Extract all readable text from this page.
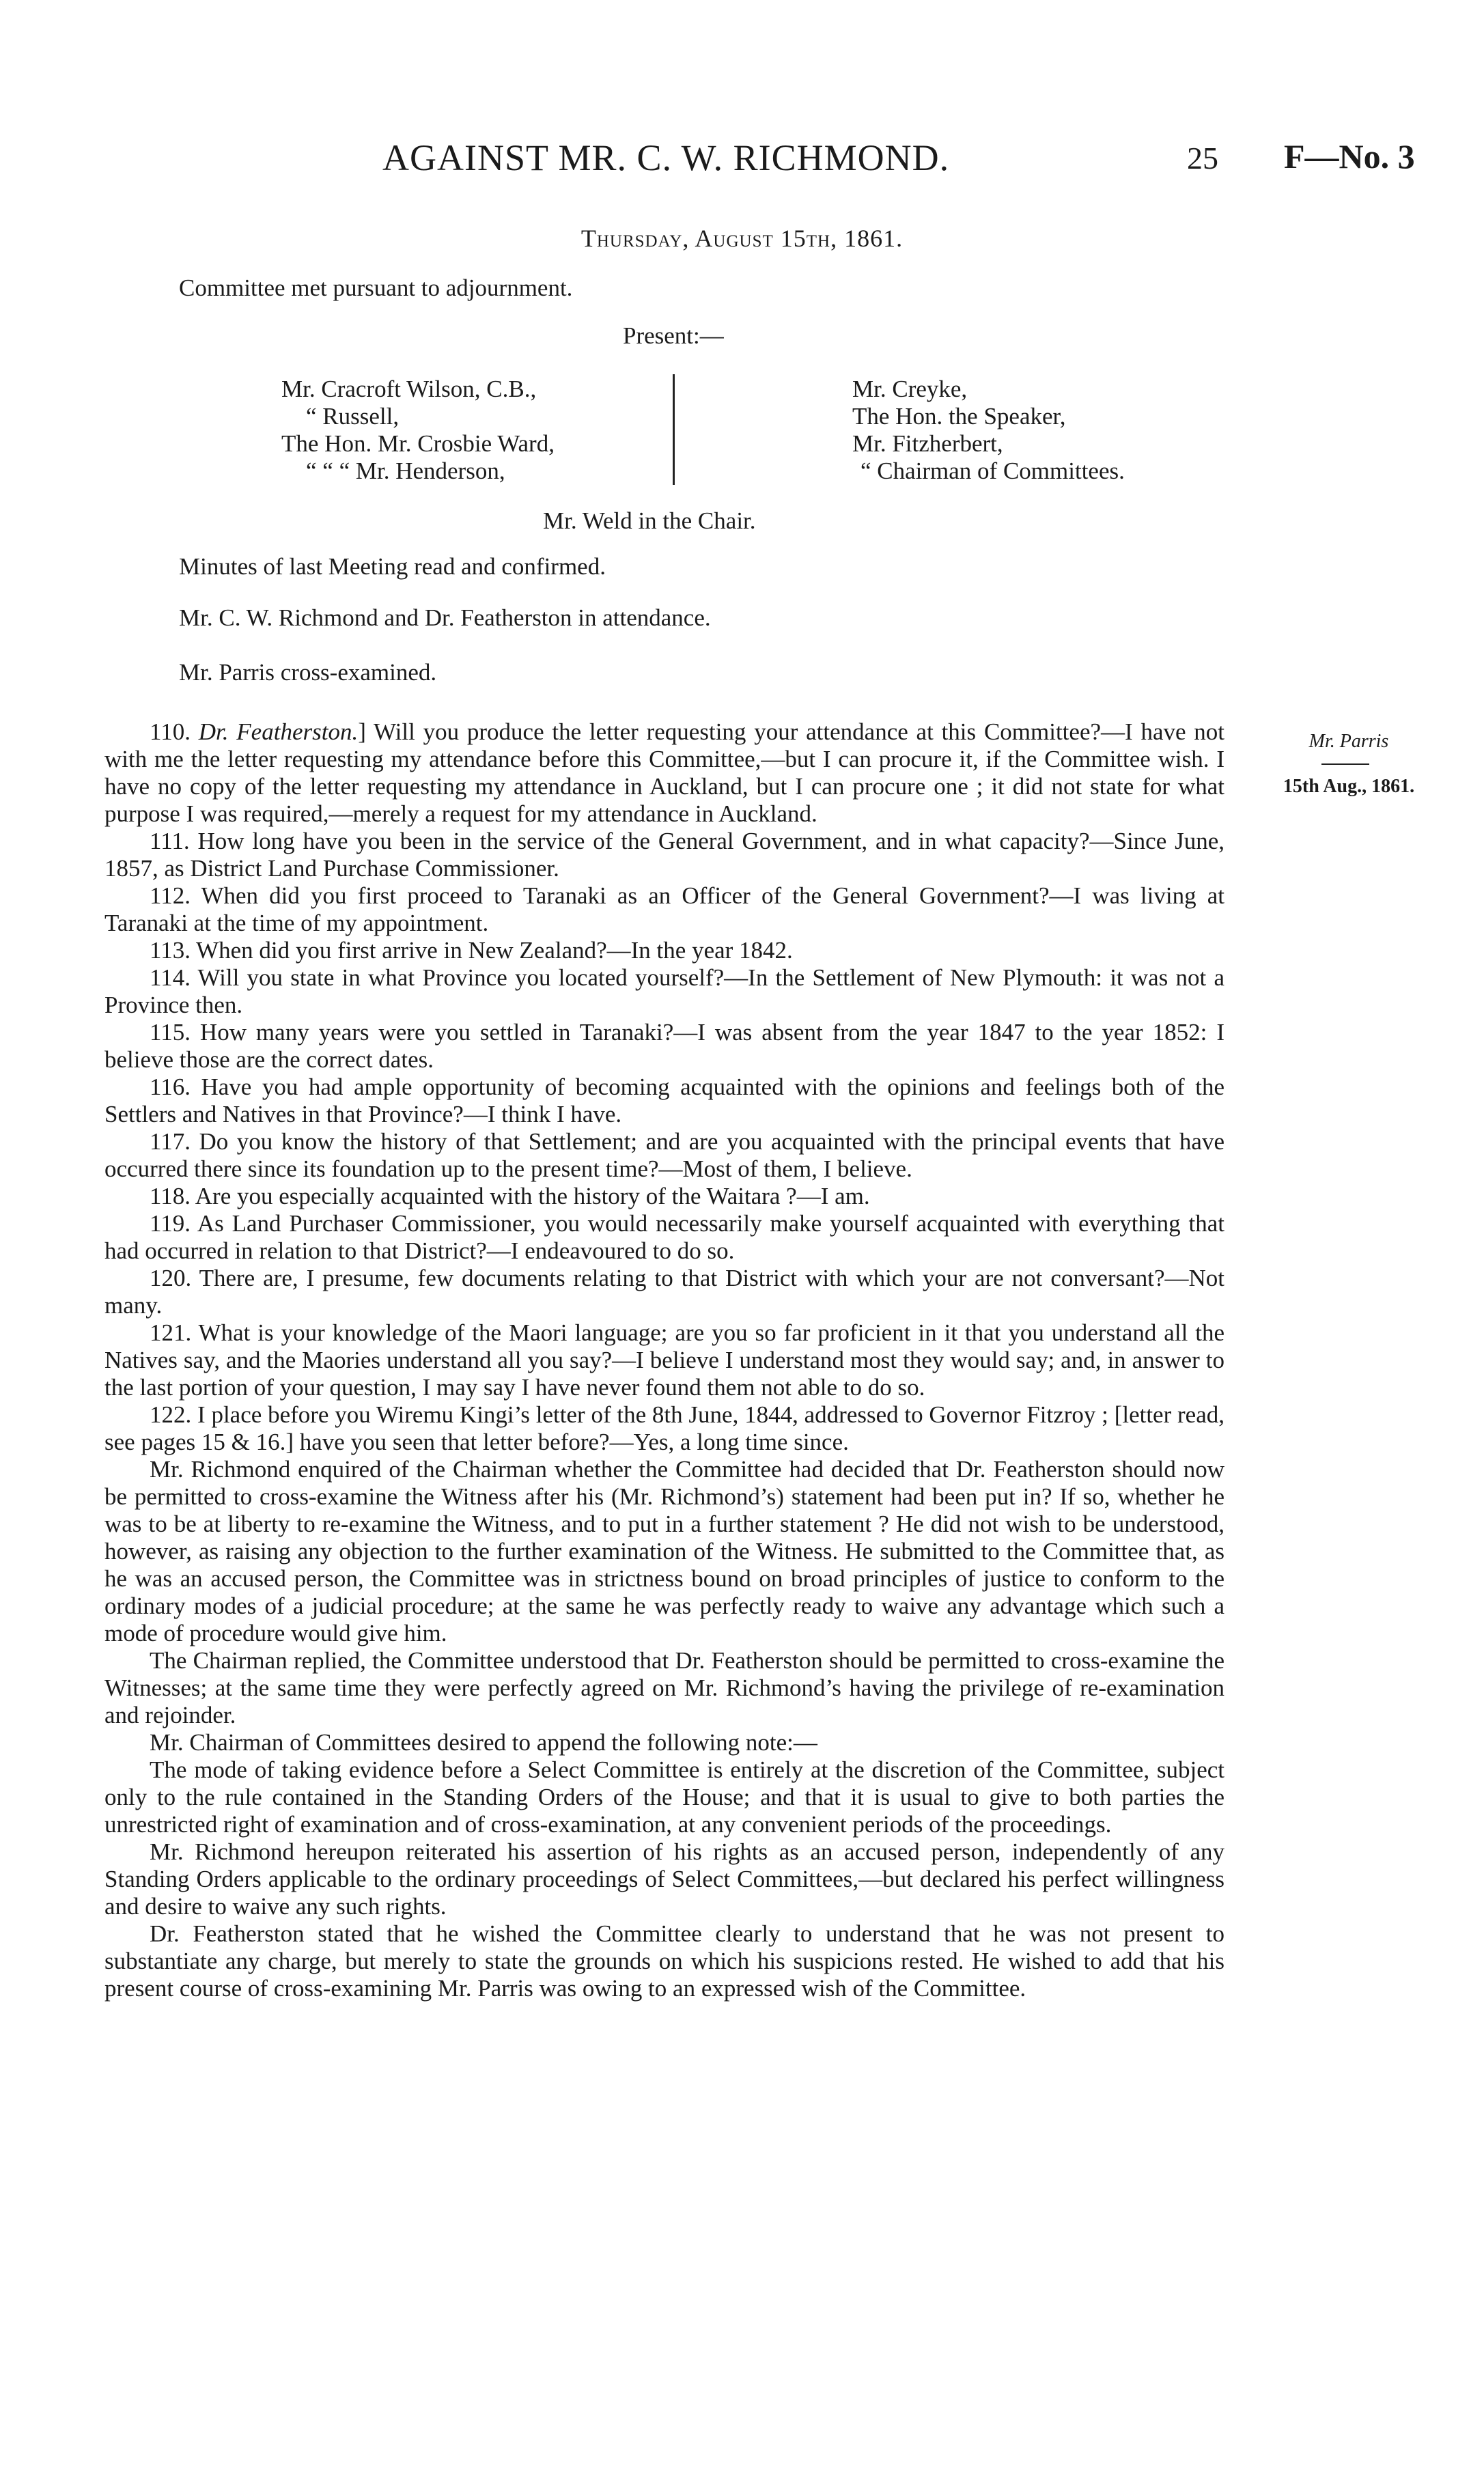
AGAINST MR. C. W. RICHMOND.	25 F—No. 3
Thursday, August 15th, 1861.
Committee met pursuant to adjournment.
Present:—
Mr. Cracroft Wilson, C.B.,
“ Russell,
The Hon. Mr. Crosbie Ward,
“ “ “ Mr. Henderson,
Mr. Creyke,
The Hon. the Speaker,
Mr. Fitzherbert,
“ Chairman of Committees.
Mr. Weld in the Chair.
Minutes of last Meeting read and confirmed.
Mr. C. W. Richmond and Dr. Featherston in attendance.
Mr. Parris cross-examined.
Mr. Parris
15th Aug., 1861.

110. Dr. Featherston.] Will you produce the letter requesting your attendance at this Committee?—I have not with me the letter requesting my attendance before this Committee,—but I can procure it, if the Committee wish. I have no copy of the letter requesting my attendance in Auckland, but I can procure one ; it did not state for what purpose I was required,—merely a request for my attendance in Auckland.

111. How long have you been in the service of the General Government, and in what capacity?—Since June, 1857, as District Land Purchase Commissioner.

112. When did you first proceed to Taranaki as an Officer of the General Government?—I was living at Taranaki at the time of my appointment.

113. When did you first arrive in New Zealand?—In the year 1842.

114. Will you state in what Province you located yourself?—In the Settlement of New Plymouth: it was not a Province then.

115. How many years were you settled in Taranaki?—I was absent from the year 1847 to the year 1852: I believe those are the correct dates.

116. Have you had ample opportunity of becoming acquainted with the opinions and feelings both of the Settlers and Natives in that Province?—I think I have.

117. Do you know the history of that Settlement; and are you acquainted with the principal events that have occurred there since its foundation up to the present time?—Most of them, I believe.

118. Are you especially acquainted with the history of the Waitara ?—I am.

119. As Land Purchaser Commissioner, you would necessarily make yourself acquainted with everything that had occurred in relation to that District?—I endeavoured to do so.

120. There are, I presume, few documents relating to that District with which your are not conversant?—Not many.

121. What is your knowledge of the Maori language; are you so far proficient in it that you understand all the Natives say, and the Maories understand all you say?—I believe I understand most they would say; and, in answer to the last portion of your question, I may say I have never found them not able to do so.

122. I place before you Wiremu Kingi’s letter of the 8th June, 1844, addressed to Governor Fitzroy ; [letter read, see pages 15 & 16.] have you seen that letter before?—Yes, a long time since.

Mr. Richmond enquired of the Chairman whether the Committee had decided that Dr. Featherston should now be permitted to cross-examine the Witness after his (Mr. Richmond’s) statement had been put in? If so, whether he was to be at liberty to re-examine the Witness, and to put in a further statement ? He did not wish to be understood, however, as raising any objection to the further examination of the Witness. He submitted to the Committee that, as he was an accused person, the Committee was in strictness bound on broad principles of justice to conform to the ordinary modes of a judicial procedure; at the same he was perfectly ready to waive any advantage which such a mode of procedure would give him.

The Chairman replied, the Committee understood that Dr. Featherston should be permitted to cross-examine the Witnesses; at the same time they were perfectly agreed on Mr. Richmond’s having the privilege of re-examination and rejoinder.

Mr. Chairman of Committees desired to append the following note:—

The mode of taking evidence before a Select Committee is entirely at the discretion of the Committee, subject only to the rule contained in the Standing Orders of the House; and that it is usual to give to both parties the unrestricted right of examination and of cross-examination, at any convenient periods of the proceedings.

Mr. Richmond hereupon reiterated his assertion of his rights as an accused person, independently of any Standing Orders applicable to the ordinary proceedings of Select Committees,—but declared his perfect willingness and desire to waive any such rights.

Dr. Featherston stated that he wished the Committee clearly to understand that he was not present to substantiate any charge, but merely to state the grounds on which his suspicions rested. He wished to add that his present course of cross-examining Mr. Parris was owing to an expressed wish of the Committee.
